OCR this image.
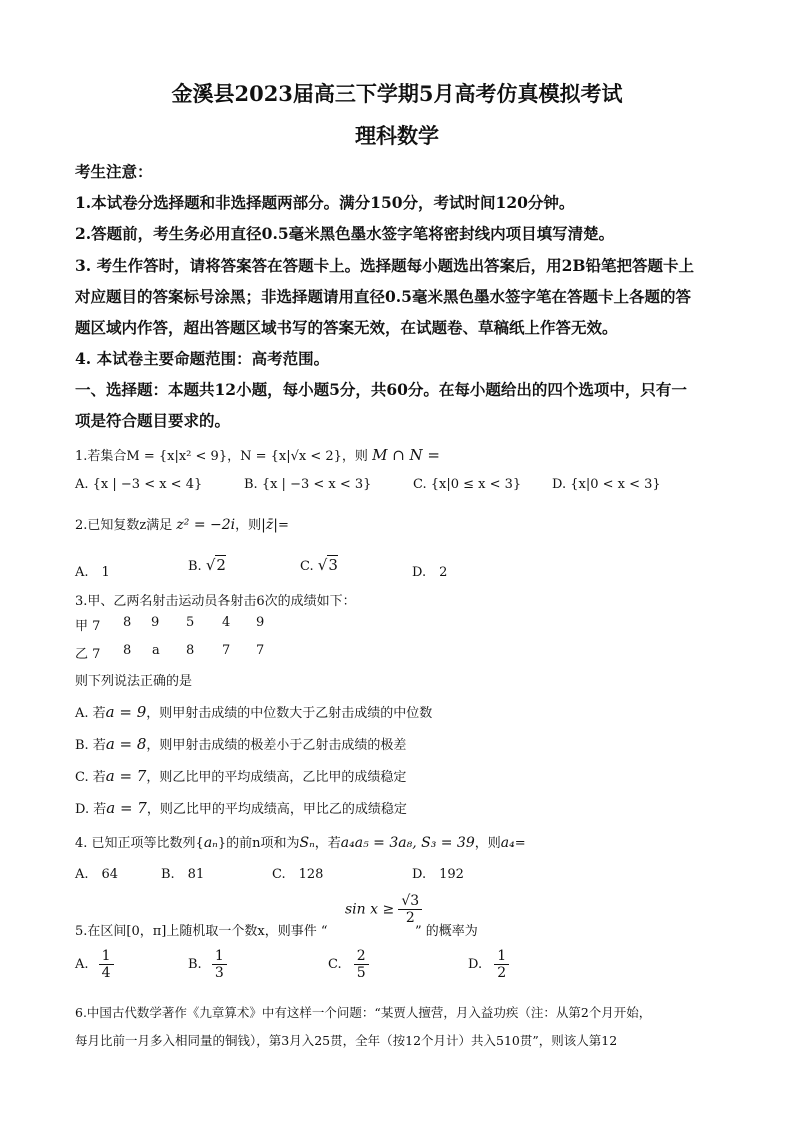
金溪县2023届高三下学期5月高考仿真模拟考试
理科数学
考生注意：
1.本试卷分选择题和非选择题两部分。满分150分，考试时间120分钟。
2.答题前，考生务必用直径0.5毫米黑色墨水签字笔将密封线内项目填写清楚。
3. 考生作答时，请将答案答在答题卡上。选择题每小题选出答案后，用2B铅笔把答题卡上
对应题目的答案标号涂黑；非选择题请用直径0.5毫米黑色墨水签字笔在答题卡上各题的答
题区域内作答，超出答题区域书写的答案无效，在试题卷、草稿纸上作答无效。
4. 本试卷主要命题范围：高考范围。
一、选择题：本题共12小题，每小题5分，共60分。在每小题给出的四个选项中，只有一
项是符合题目要求的。
1.若集合M = {x|x² < 9}，N = {x|√x < 2}，则 M ∩ N =
A. {x | −3 < x < 4}	B. {x | −3 < x < 3}	C. {x|0 ≤ x < 3} D. {x|0 < x < 3}
2.已知复数z满足 z² = −2i，则|z̄|=
A.　1	B. √2	C. √3	D.　2
3.甲、乙两名射击运动员各射击6次的成绩如下：
甲 7 8 9 5 4 9
乙 7 8 a 8 7 7
则下列说法正确的是
A. 若a = 9，则甲射击成绩的中位数大于乙射击成绩的中位数
B. 若a = 8，则甲射击成绩的极差小于乙射击成绩的极差
C. 若a = 7，则乙比甲的平均成绩高，乙比甲的成绩稳定
D. 若a = 7，则乙比甲的平均成绩高，甲比乙的成绩稳定
4. 已知正项等比数列{aₙ}的前n项和为Sₙ，若a₄a₅ = 3a₈, S₃ = 39，则a₄=
A.　64	B.　81	C.　128	D.　192
$\sin x \ge \frac{√3}{2}$
5.在区间[0，π]上随机取一个数x，则事件 “	” 的概率为
A. $\frac{1}{4}$	B. $\frac{1}{3}$	C. $\frac{2}{5}$	D. $\frac{1}{2}$
6.中国古代数学著作《九章算术》中有这样一个问题：“某贾人擅营，月入益功疾（注：从第2个月开始，
每月比前一月多入相同量的铜钱），第3月入25贯，全年（按12个月计）共入510贯”，则该人第12
